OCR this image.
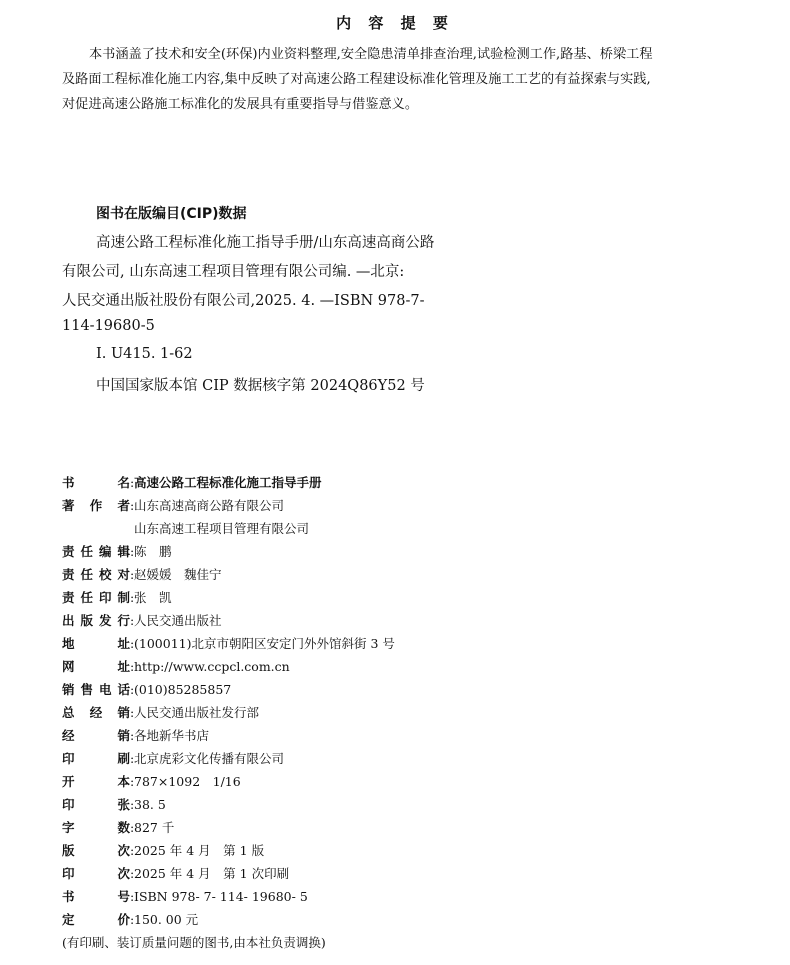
内 容 提 要
本书涵盖了技术和安全(环保)内业资料整理,安全隐患清单排查治理,试验检测工作,路基、桥梁工程
及路面工程标准化施工内容,集中反映了对高速公路工程建设标准化管理及施工工艺的有益探索与实践,
对促进高速公路施工标准化的发展具有重要指导与借鉴意义。
图书在版编目(CIP)数据
高速公路工程标准化施工指导手册/山东高速高商公路
有限公司, 山东高速工程项目管理有限公司编. —北京:
人民交通出版社股份有限公司,2025. 4. —ISBN 978-7-
114-19680-5
Ⅰ. U415. 1-62
中国国家版本馆 CIP 数据核字第 2024Q86Y52 号
书名:高速公路工程标准化施工指导手册
著作者:山东高速高商公路有限公司
山东高速工程项目管理有限公司
责任编辑:陈　鹏
责任校对:赵媛媛　魏佳宁
责任印制:张　凯
出版发行:人民交通出版社
地址:(100011)北京市朝阳区安定门外外馆斜街 3 号
网址:http://www.ccpcl.com.cn
销售电话:(010)85285857
总经销:人民交通出版社发行部
经销:各地新华书店
印刷:北京虎彩文化传播有限公司
开本:787×1092　1/16
印张:38. 5
字数:827 千
版次:2025 年 4 月　第 1 版
印次:2025 年 4 月　第 1 次印刷
书号:ISBN 978- 7- 114- 19680- 5
定价:150. 00 元
(有印刷、装订质量问题的图书,由本社负责调换)
